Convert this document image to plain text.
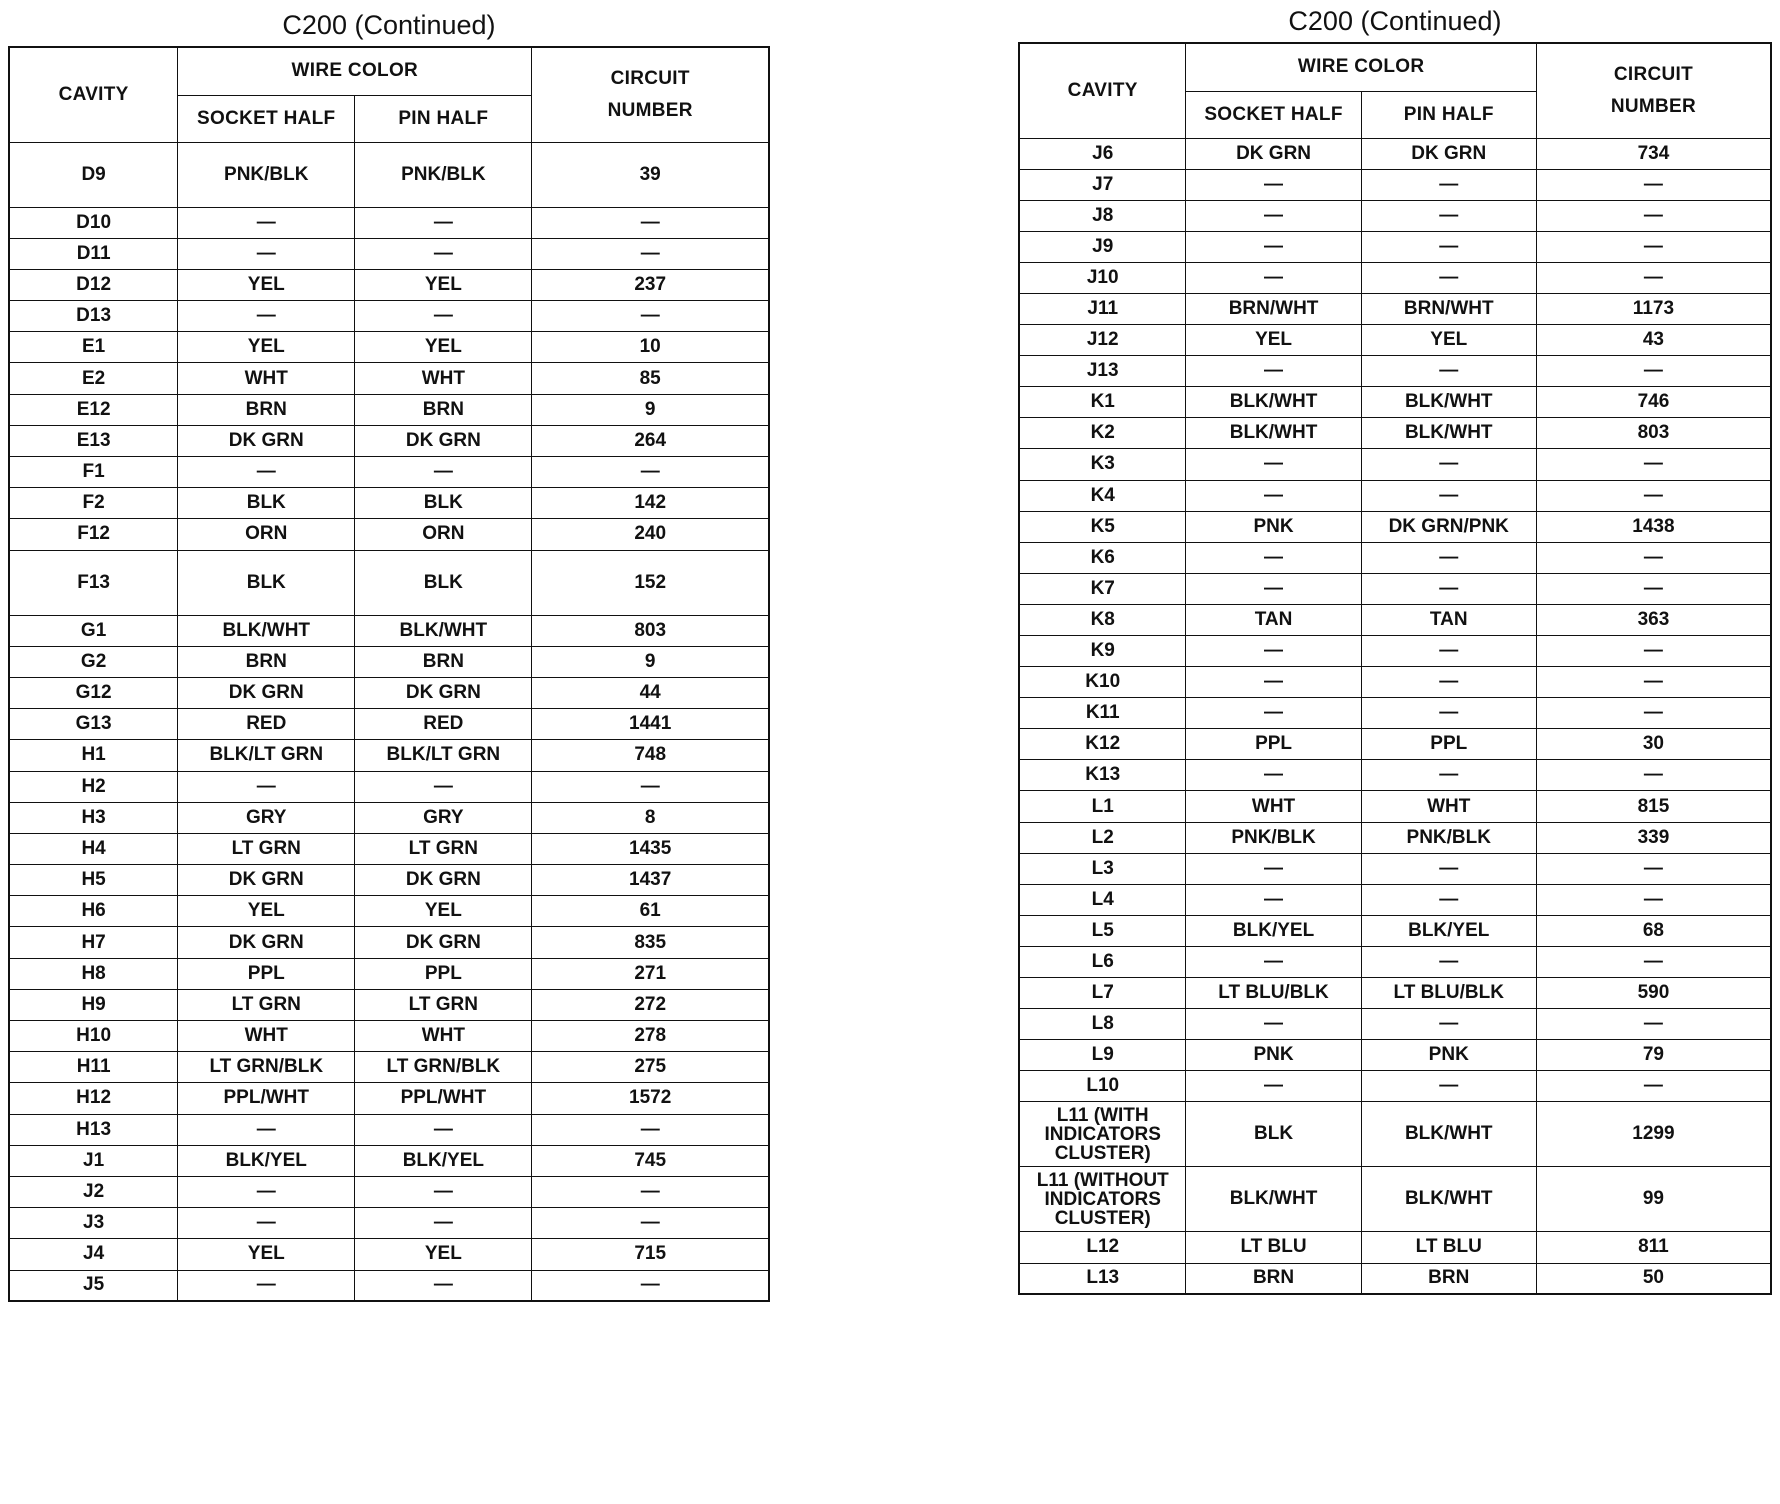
C200 (Continued)
CAVITY	WIRE COLOR		CIRCUIT NUMBER
	SOCKET HALF	PIN HALF	
D9	PNK/BLK	PNK/BLK	39
D10	—	—	—
D11	—	—	—
D12	YEL	YEL	237
D13	—	—	—
E1	YEL	YEL	10
E2	WHT	WHT	85
E12	BRN	BRN	9
E13	DK GRN	DK GRN	264
F1	—	—	—
F2	BLK	BLK	142
F12	ORN	ORN	240
F13	BLK	BLK	152
G1	BLK/WHT	BLK/WHT	803
G2	BRN	BRN	9
G12	DK GRN	DK GRN	44
G13	RED	RED	1441
H1	BLK/LT GRN	BLK/LT GRN	748
H2	—	—	—
H3	GRY	GRY	8
H4	LT GRN	LT GRN	1435
H5	DK GRN	DK GRN	1437
H6	YEL	YEL	61
H7	DK GRN	DK GRN	835
H8	PPL	PPL	271
H9	LT GRN	LT GRN	272
H10	WHT	WHT	278
H11	LT GRN/BLK	LT GRN/BLK	275
H12	PPL/WHT	PPL/WHT	1572
H13	—	—	—
J1	BLK/YEL	BLK/YEL	745
J2	—	—	—
J3	—	—	—
J4	YEL	YEL	715
J5	—	—	—
C200 (Continued)
CAVITY	WIRE COLOR		CIRCUIT NUMBER
	SOCKET HALF	PIN HALF	
J6	DK GRN	DK GRN	734
J7	—	—	—
J8	—	—	—
J9	—	—	—
J10	—	—	—
J11	BRN/WHT	BRN/WHT	1173
J12	YEL	YEL	43
J13	—	—	—
K1	BLK/WHT	BLK/WHT	746
K2	BLK/WHT	BLK/WHT	803
K3	—	—	—
K4	—	—	—
K5	PNK	DK GRN/PNK	1438
K6	—	—	—
K7	—	—	—
K8	TAN	TAN	363
K9	—	—	—
K10	—	—	—
K11	—	—	—
K12	PPL	PPL	30
K13	—	—	—
L1	WHT	WHT	815
L2	PNK/BLK	PNK/BLK	339
L3	—	—	—
L4	—	—	—
L5	BLK/YEL	BLK/YEL	68
L6	—	—	—
L7	LT BLU/BLK	LT BLU/BLK	590
L8	—	—	—
L9	PNK	PNK	79
L10	—	—	—
L11 (WITH INDICATORS CLUSTER)	BLK	BLK/WHT	1299
L11 (WITHOUT INDICATORS CLUSTER)	BLK/WHT	BLK/WHT	99
L12	LT BLU	LT BLU	811
L13	BRN	BRN	50
